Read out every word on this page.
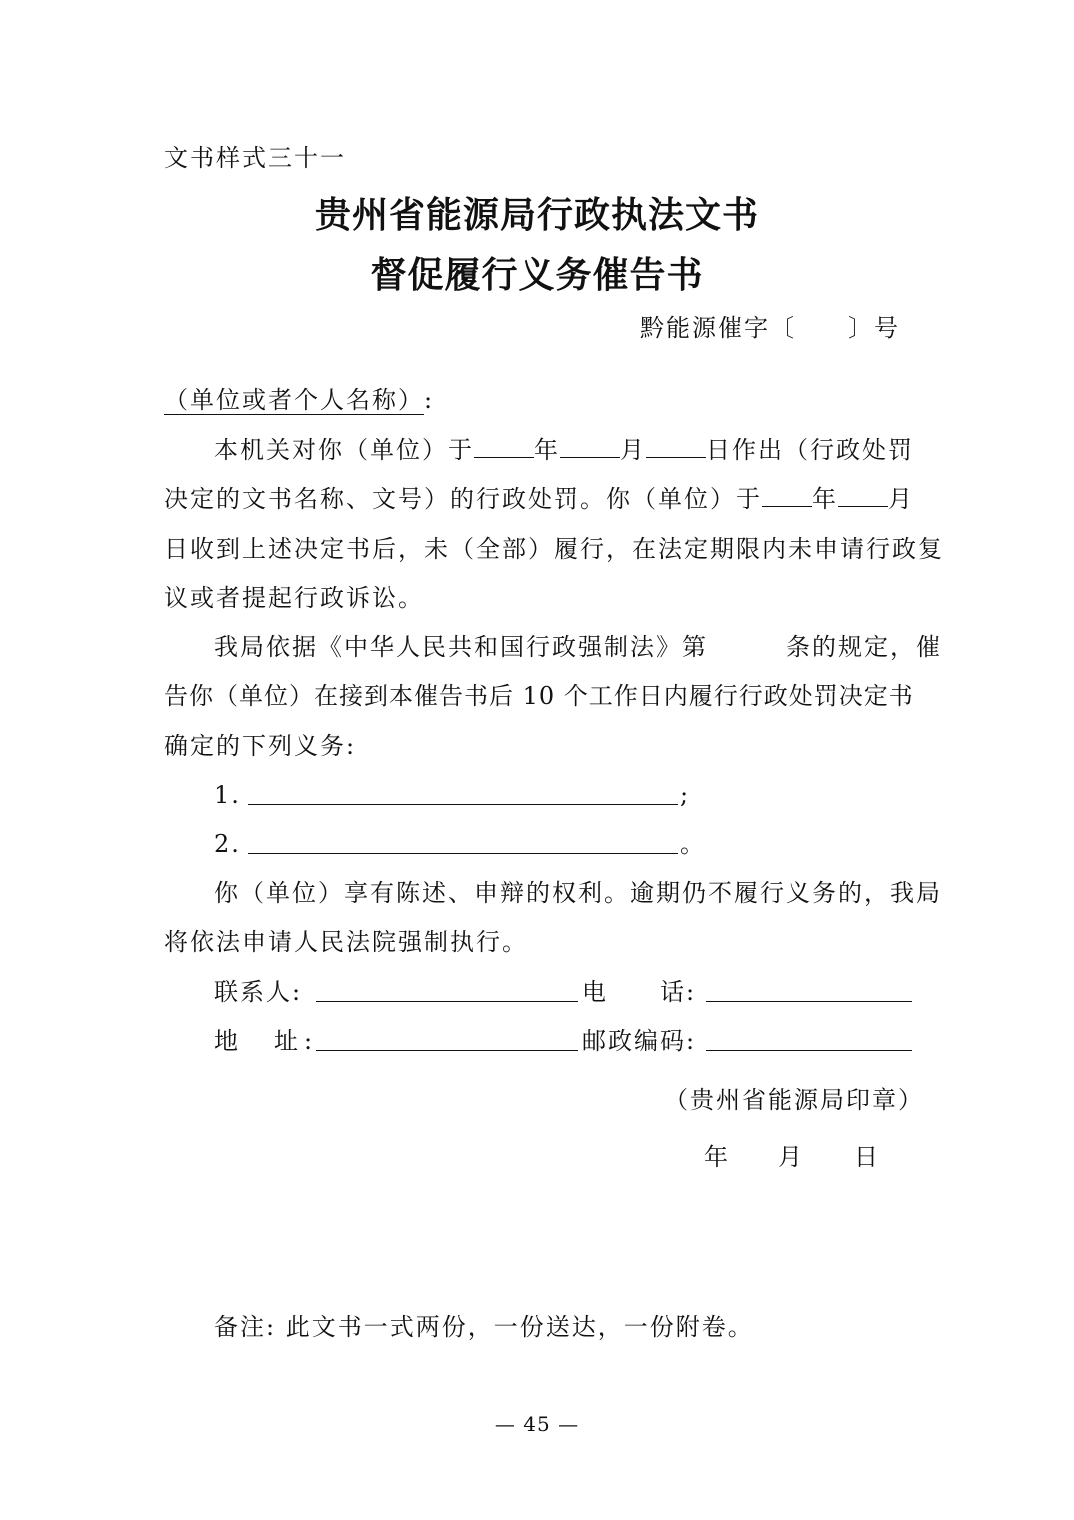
文书样式三十一
贵州省能源局行政执法文书
督促履行义务催告书
黔能源催字〔　　〕号
（单位或者个人名称）:
本机关对你（单位）于	年	月	日作出（行政处罚
决定的文书名称、文号）的行政处罚。你（单位）于 年 月
日收到上述决定书后，未（全部）履行，在法定期限内未申请行政复
议或者提起行政诉讼。
我局依据《中华人民共和国行政强制法》第	条的规定，催
告你（单位）在接到本催告书后 10 个工作日内履行行政处罚决定书
确定的下列义务:
1.	;
2.	。
你（单位）享有陈述、申辩的权利。逾期仍不履行义务的，我局
将依法申请人民法院强制执行。
联系人:	电　　话:
地　址:	邮政编码:
（贵州省能源局印章）
年 月 日
备注: 此文书一式两份，一份送达，一份附卷。
— 45 —
